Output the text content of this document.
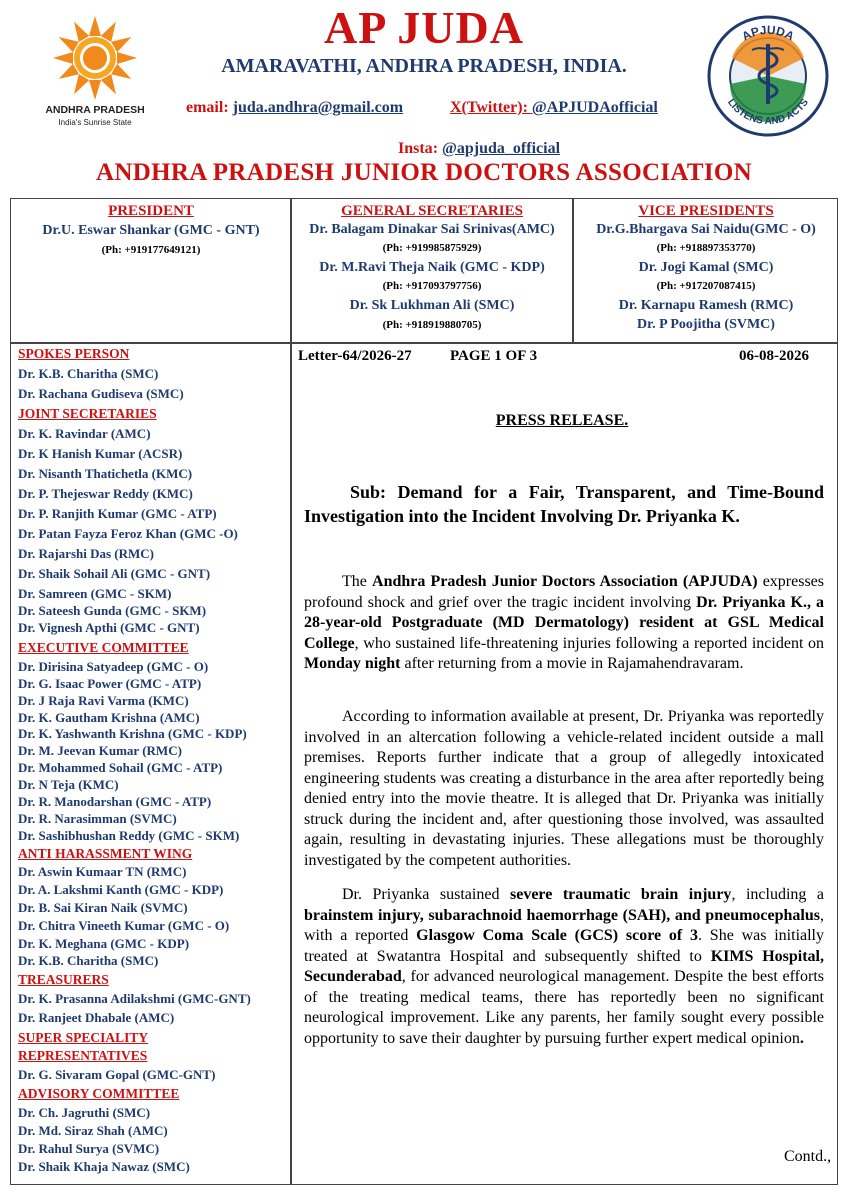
AP JUDA
AMARAVATHI, ANDHRA PRADESH, INDIA.
email: juda.andhra@gmail.com	X(Twitter): @APJUDAofficial
Insta: @apjuda_official
ANDHRA PRADESH JUNIOR DOCTORS ASSOCIATION
ANDHRA PRADESH
India's Sunrise State
APJUDA
LISTENS AND ACTS
PRESIDENT
Dr.U. Eswar Shankar (GMC - GNT)
(Ph: +919177649121)
GENERAL SECRETARIES
Dr. Balagam Dinakar Sai Srinivas(AMC)
(Ph: +919985875929)
Dr. M.Ravi Theja Naik (GMC - KDP)
(Ph: +917093797756)
Dr. Sk Lukhman Ali (SMC)
(Ph: +918919880705)
VICE PRESIDENTS
Dr.G.Bhargava Sai Naidu(GMC - O)
(Ph: +918897353770)
Dr. Jogi Kamal (SMC)
(Ph: +917207087415)
Dr. Karnapu Ramesh (RMC)
Dr. P Poojitha (SVMC)
SPOKES PERSON
Dr. K.B. Charitha (SMC)
Dr. Rachana Gudiseva (SMC)
JOINT SECRETARIES
Dr. K. Ravindar (AMC)
Dr. K Hanish Kumar (ACSR)
Dr. Nisanth Thatichetla (KMC)
Dr. P. Thejeswar Reddy (KMC)
Dr. P. Ranjith Kumar (GMC - ATP)
Dr. Patan Fayza Feroz Khan (GMC -O)
Dr. Rajarshi Das (RMC)
Dr. Shaik Sohail Ali (GMC - GNT)
Dr. Samreen (GMC - SKM)
Dr. Sateesh Gunda (GMC - SKM)
Dr. Vignesh Apthi (GMC - GNT)
EXECUTIVE COMMITTEE
Dr. Dirisina Satyadeep (GMC - O)
Dr. G. Isaac Power (GMC - ATP)
Dr. J Raja Ravi Varma (KMC)
Dr. K. Gautham Krishna (AMC)
Dr. K. Yashwanth Krishna (GMC - KDP)
Dr. M. Jeevan Kumar (RMC)
Dr. Mohammed Sohail (GMC - ATP)
Dr. N Teja (KMC)
Dr. R. Manodarshan (GMC - ATP)
Dr. R. Narasimman (SVMC)
Dr. Sashibhushan Reddy (GMC - SKM)
ANTI HARASSMENT WING
Dr. Aswin Kumaar TN (RMC)
Dr. A. Lakshmi Kanth (GMC - KDP)
Dr. B. Sai Kiran Naik (SVMC)
Dr. Chitra Vineeth Kumar (GMC - O)
Dr. K. Meghana (GMC - KDP)
Dr. K.B. Charitha (SMC)
TREASURERS
Dr. K. Prasanna Adilakshmi (GMC-GNT)
Dr. Ranjeet Dhabale (AMC)
SUPER SPECIALITY
REPRESENTATIVES
Dr. G. Sivaram Gopal (GMC-GNT)
ADVISORY COMMITTEE
Dr. Ch. Jagruthi (SMC)
Dr. Md. Siraz Shah (AMC)
Dr. Rahul Surya (SVMC)
Dr. Shaik Khaja Nawaz (SMC)
Letter-64/2026-27	PAGE 1 OF 3	06-08-2026
PRESS RELEASE.
Sub: Demand for a Fair, Transparent, and Time-Bound Investigation into the Incident Involving Dr. Priyanka K.
The Andhra Pradesh Junior Doctors Association (APJUDA) expresses profound shock and grief over the tragic incident involving Dr. Priyanka K., a 28-year-old Postgraduate (MD Dermatology) resident at GSL Medical College, who sustained life-threatening injuries following a reported incident on Monday night after returning from a movie in Rajamahendravaram.
According to information available at present, Dr. Priyanka was reportedly involved in an altercation following a vehicle-related incident outside a mall premises. Reports further indicate that a group of allegedly intoxicated engineering students was creating a disturbance in the area after reportedly being denied entry into the movie theatre. It is alleged that Dr. Priyanka was initially struck during the incident and, after questioning those involved, was assaulted again, resulting in devastating injuries. These allegations must be thoroughly investigated by the competent authorities.
Dr. Priyanka sustained severe traumatic brain injury, including a brainstem injury, subarachnoid haemorrhage (SAH), and pneumocephalus, with a reported Glasgow Coma Scale (GCS) score of 3. She was initially treated at Swatantra Hospital and subsequently shifted to KIMS Hospital, Secunderabad, for advanced neurological management. Despite the best efforts of the treating medical teams, there has reportedly been no significant neurological improvement. Like any parents, her family sought every possible opportunity to save their daughter by pursuing further expert medical opinion.
Contd.,
